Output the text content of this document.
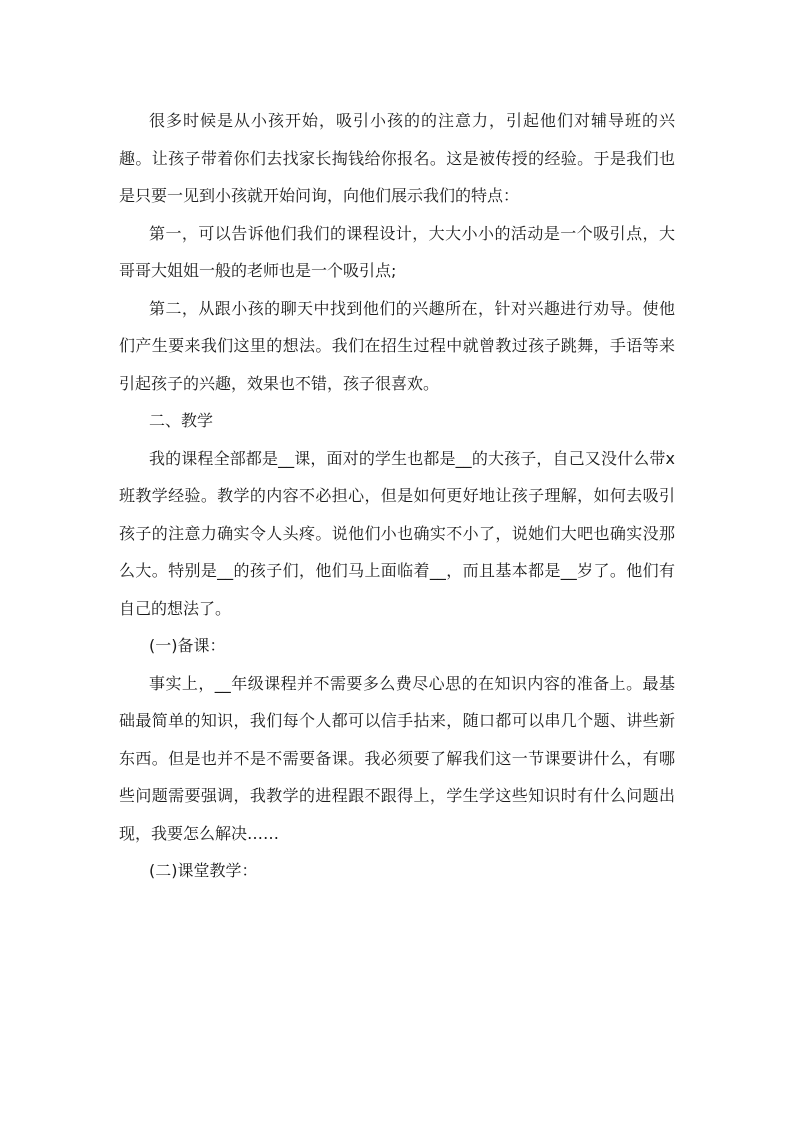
很多时候是从小孩开始，吸引小孩的的注意力，引起他们对辅导班的兴趣。让孩子带着你们去找家长掏钱给你报名。这是被传授的经验。于是我们也是只要一见到小孩就开始问询，向他们展示我们的特点：

第一，可以告诉他们我们的课程设计，大大小小的活动是一个吸引点，大哥哥大姐姐一般的老师也是一个吸引点;

第二，从跟小孩的聊天中找到他们的兴趣所在，针对兴趣进行劝导。使他们产生要来我们这里的想法。我们在招生过程中就曾教过孩子跳舞，手语等来引起孩子的兴趣，效果也不错，孩子很喜欢。

二、教学

我的课程全部都是__课，面对的学生也都是__的大孩子，自己又没什么带x班教学经验。教学的内容不必担心，但是如何更好地让孩子理解，如何去吸引孩子的注意力确实令人头疼。说他们小也确实不小了，说她们大吧也确实没那么大。特别是__的孩子们，他们马上面临着__，而且基本都是__岁了。他们有自己的想法了。

(一)备课：

事实上，__年级课程并不需要多么费尽心思的在知识内容的准备上。最基础最简单的知识，我们每个人都可以信手拈来，随口都可以串几个题、讲些新东西。但是也并不是不需要备课。我必须要了解我们这一节课要讲什么，有哪些问题需要强调，我教学的进程跟不跟得上，学生学这些知识时有什么问题出现，我要怎么解决……

(二)课堂教学：
